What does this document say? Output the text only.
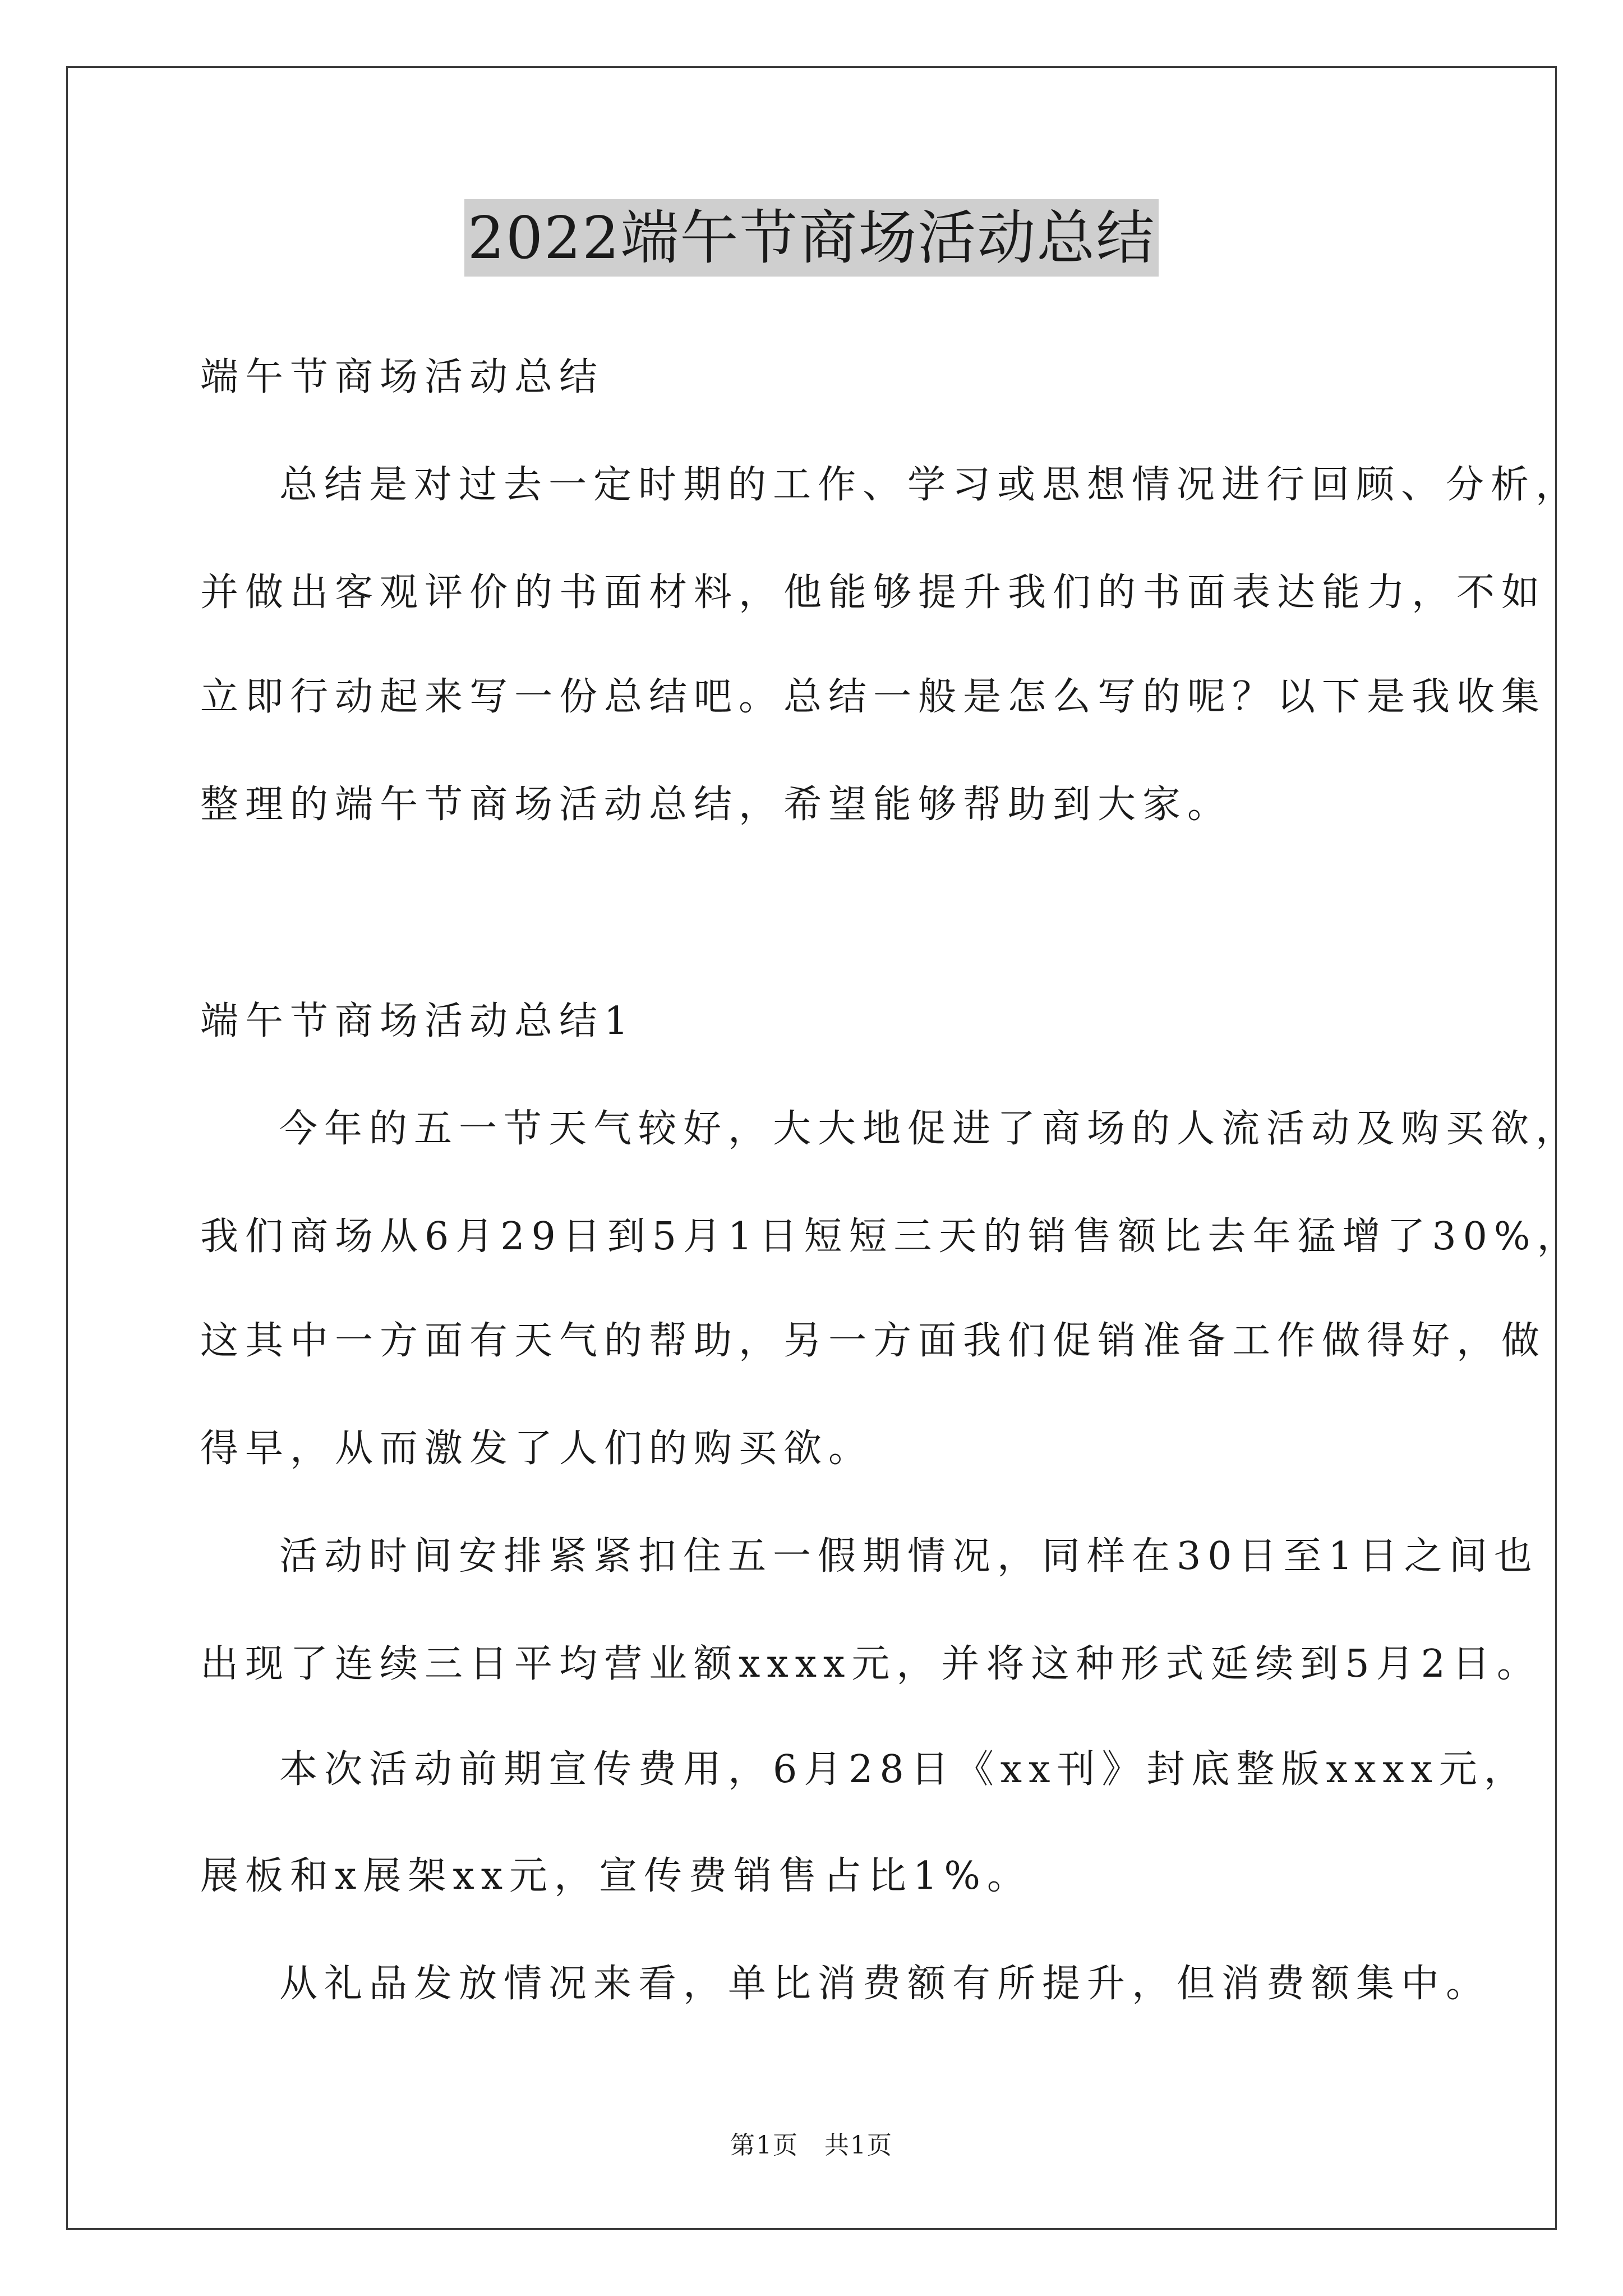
2022端午节商场活动总结

端午节商场活动总结

总结是对过去一定时期的工作、学习或思想情况进行回顾、分析，

并做出客观评价的书面材料，他能够提升我们的书面表达能力，不如

立即行动起来写一份总结吧。总结一般是怎么写的呢？以下是我收集

整理的端午节商场活动总结，希望能够帮助到大家。

端午节商场活动总结1

今年的五一节天气较好，大大地促进了商场的人流活动及购买欲，

我们商场从6月29日到5月1日短短三天的销售额比去年猛增了30%，

这其中一方面有天气的帮助，另一方面我们促销准备工作做得好，做

得早，从而激发了人们的购买欲。

活动时间安排紧紧扣住五一假期情况，同样在30日至1日之间也

出现了连续三日平均营业额xxxx元，并将这种形式延续到5月2日。

本次活动前期宣传费用，6月28日《xx刊》封底整版xxxx元，

展板和x展架xx元，宣传费销售占比1%。

从礼品发放情况来看，单比消费额有所提升，但消费额集中。

第1页　共1页
